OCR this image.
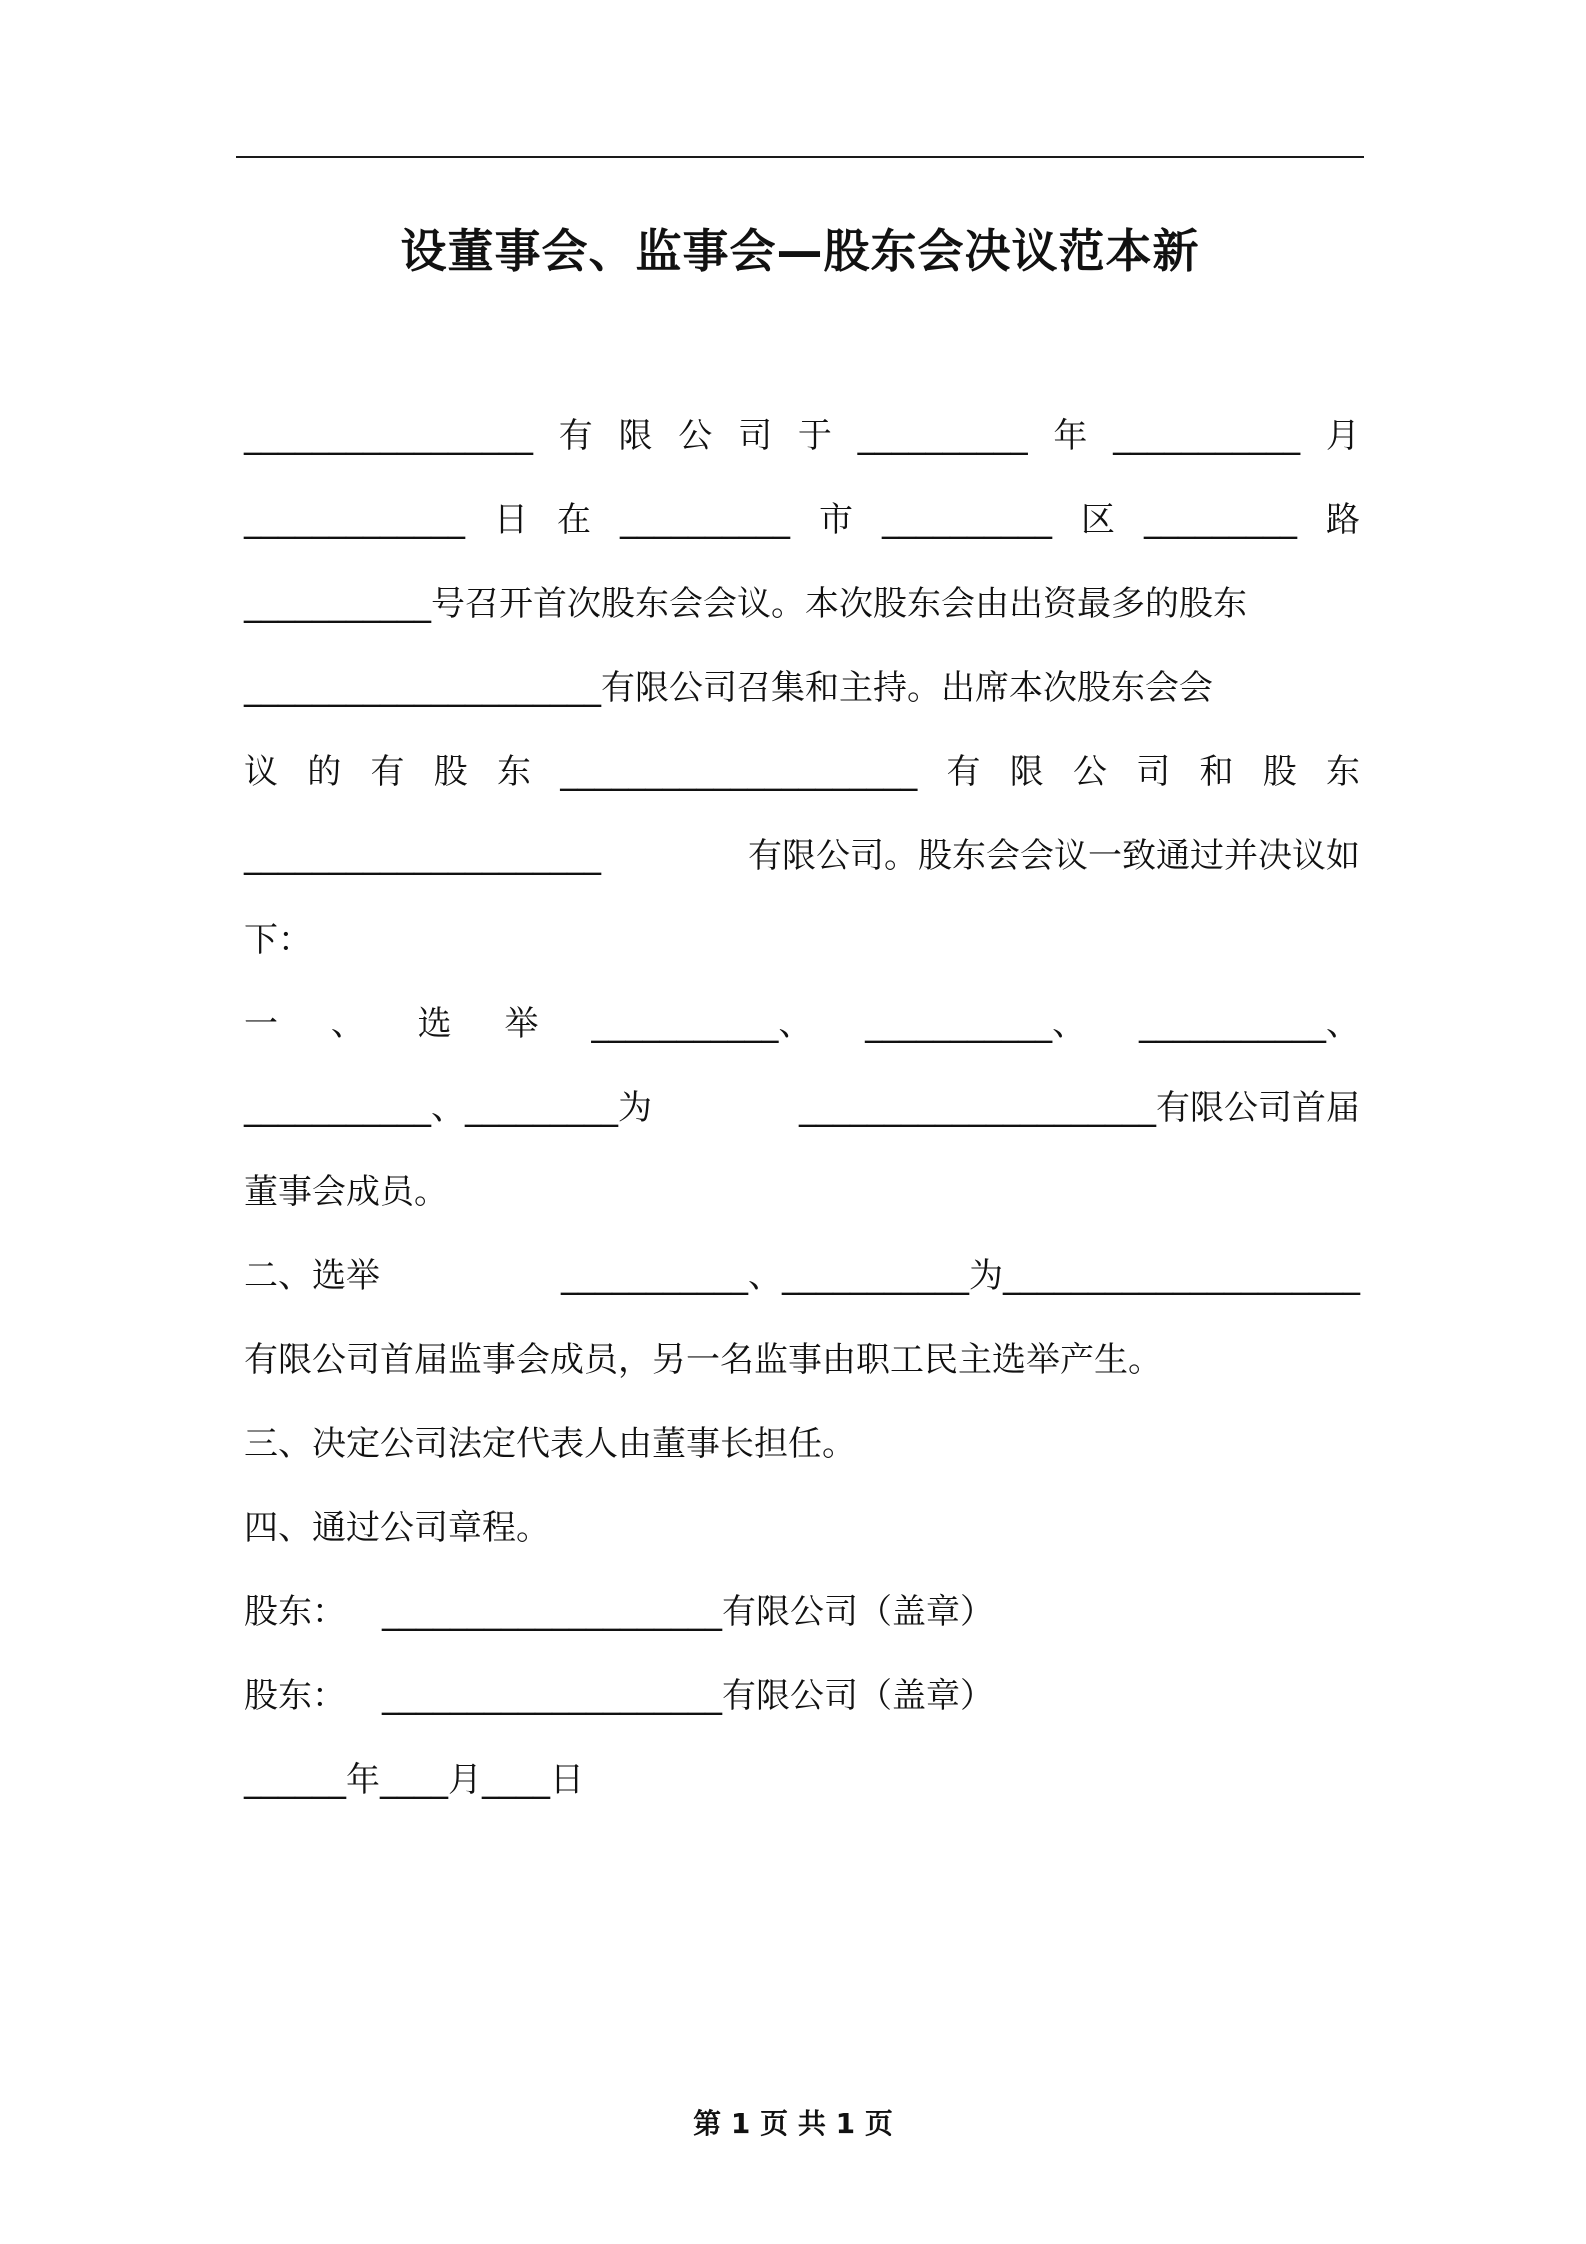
设董事会、监事会—股东会决议范本新
_________________ 有 限 公 司 于 __________ 年 ___________ 月
_____________ 日 在 __________ 市 __________ 区 _________ 路
___________号召开首次股东会会议。本次股东会由出资最多的股东
_____________________有限公司召集和主持。出席本次股东会会
议 的 有 股 东 _____________________ 有 限 公 司 和 股 东
_____________________	有限公司。股东会会议一致通过并决议如
下：
一 、 选 举 ___________、 ___________、 ___________、
___________、_________为	_____________________有限公司首届
董事会成员。
二、选举	___________、___________为_____________________
有限公司首届监事会成员，另一名监事由职工民主选举产生。
三、决定公司法定代表人由董事长担任。
四、通过公司章程。
股东： ____________________有限公司（盖章）
股东： ____________________有限公司（盖章）
______年____月____日
第 1 页 共 1 页
